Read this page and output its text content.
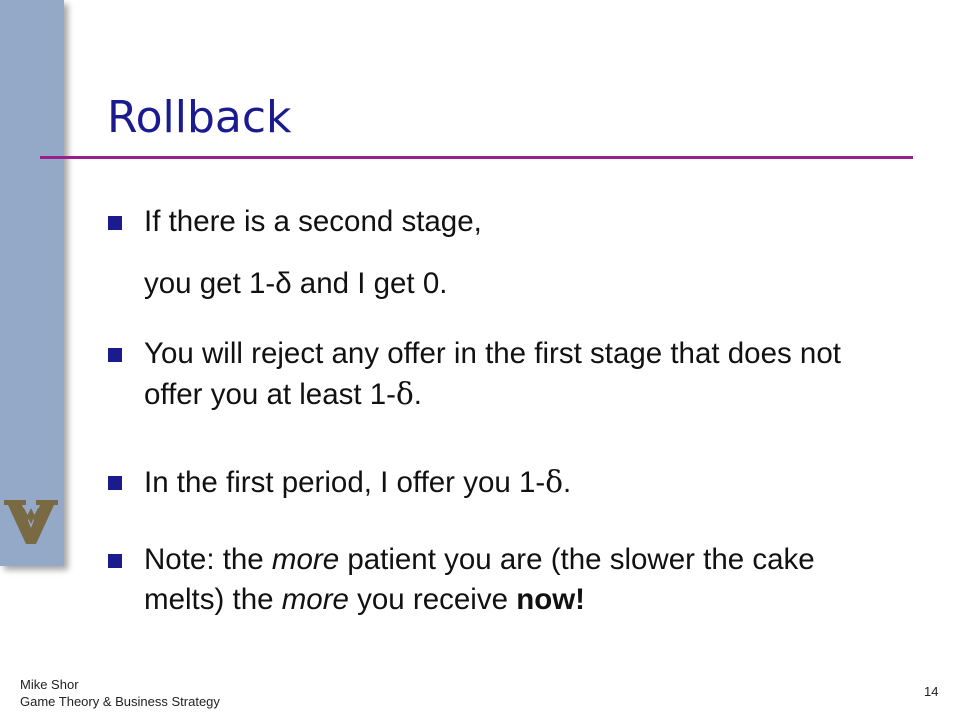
Rollback

If there is a second stage,

you get 1-δ and I get 0.

You will reject any offer in the first stage that does not offer you at least 1-δ.
In the first period, I offer you 1-δ.
Note: the more patient you are (the slower the cake melts) the more you receive now!
Mike Shor
Game Theory & Business Strategy
14
